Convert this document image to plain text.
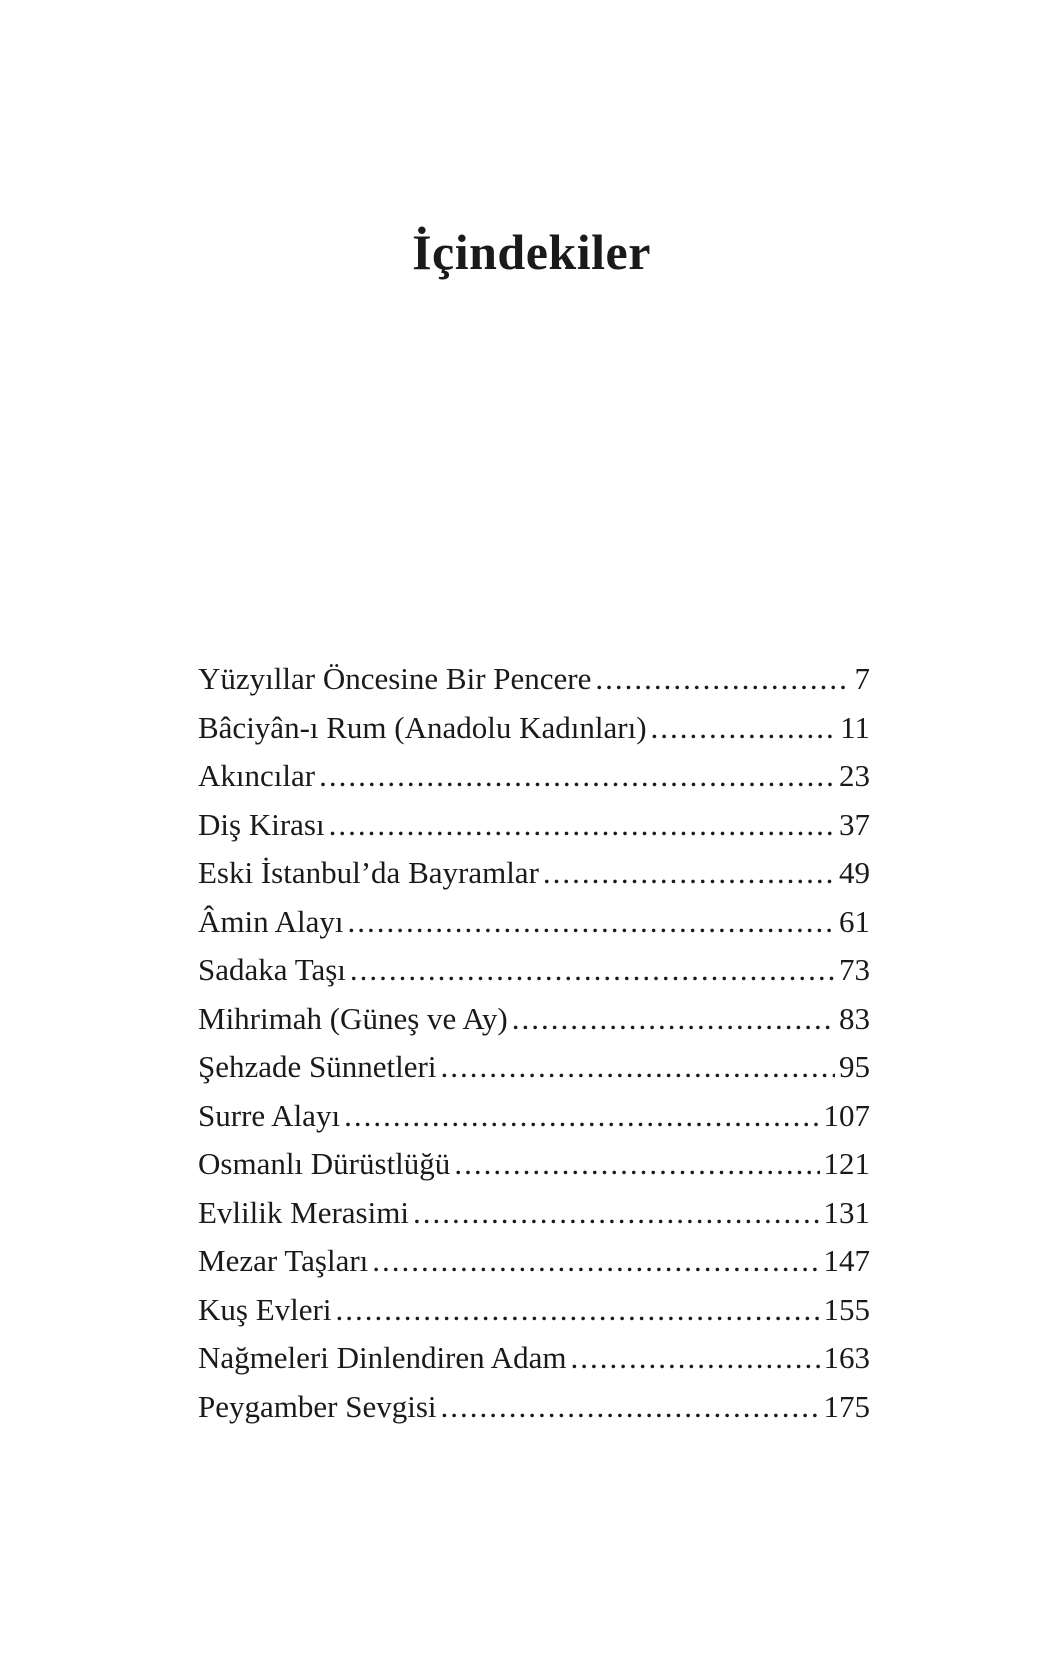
İçindekiler
Yüzyıllar Öncesine Bir Pencere .....	7
Bâciyân-ı Rum (Anadolu Kadınları) .....	11
Akıncılar .....	23
Diş Kirası .....	37
Eski İstanbul’da Bayramlar .....	49
Âmin Alayı .....	61
Sadaka Taşı .....	73
Mihrimah (Güneş ve Ay) .....	83
Şehzade Sünnetleri .....	95
Surre Alayı .....	107
Osmanlı Dürüstlüğü .....	121
Evlilik Merasimi .....	131
Mezar Taşları .....	147
Kuş Evleri .....	155
Nağmeleri Dinlendiren Adam .....	163
Peygamber Sevgisi .....	175
